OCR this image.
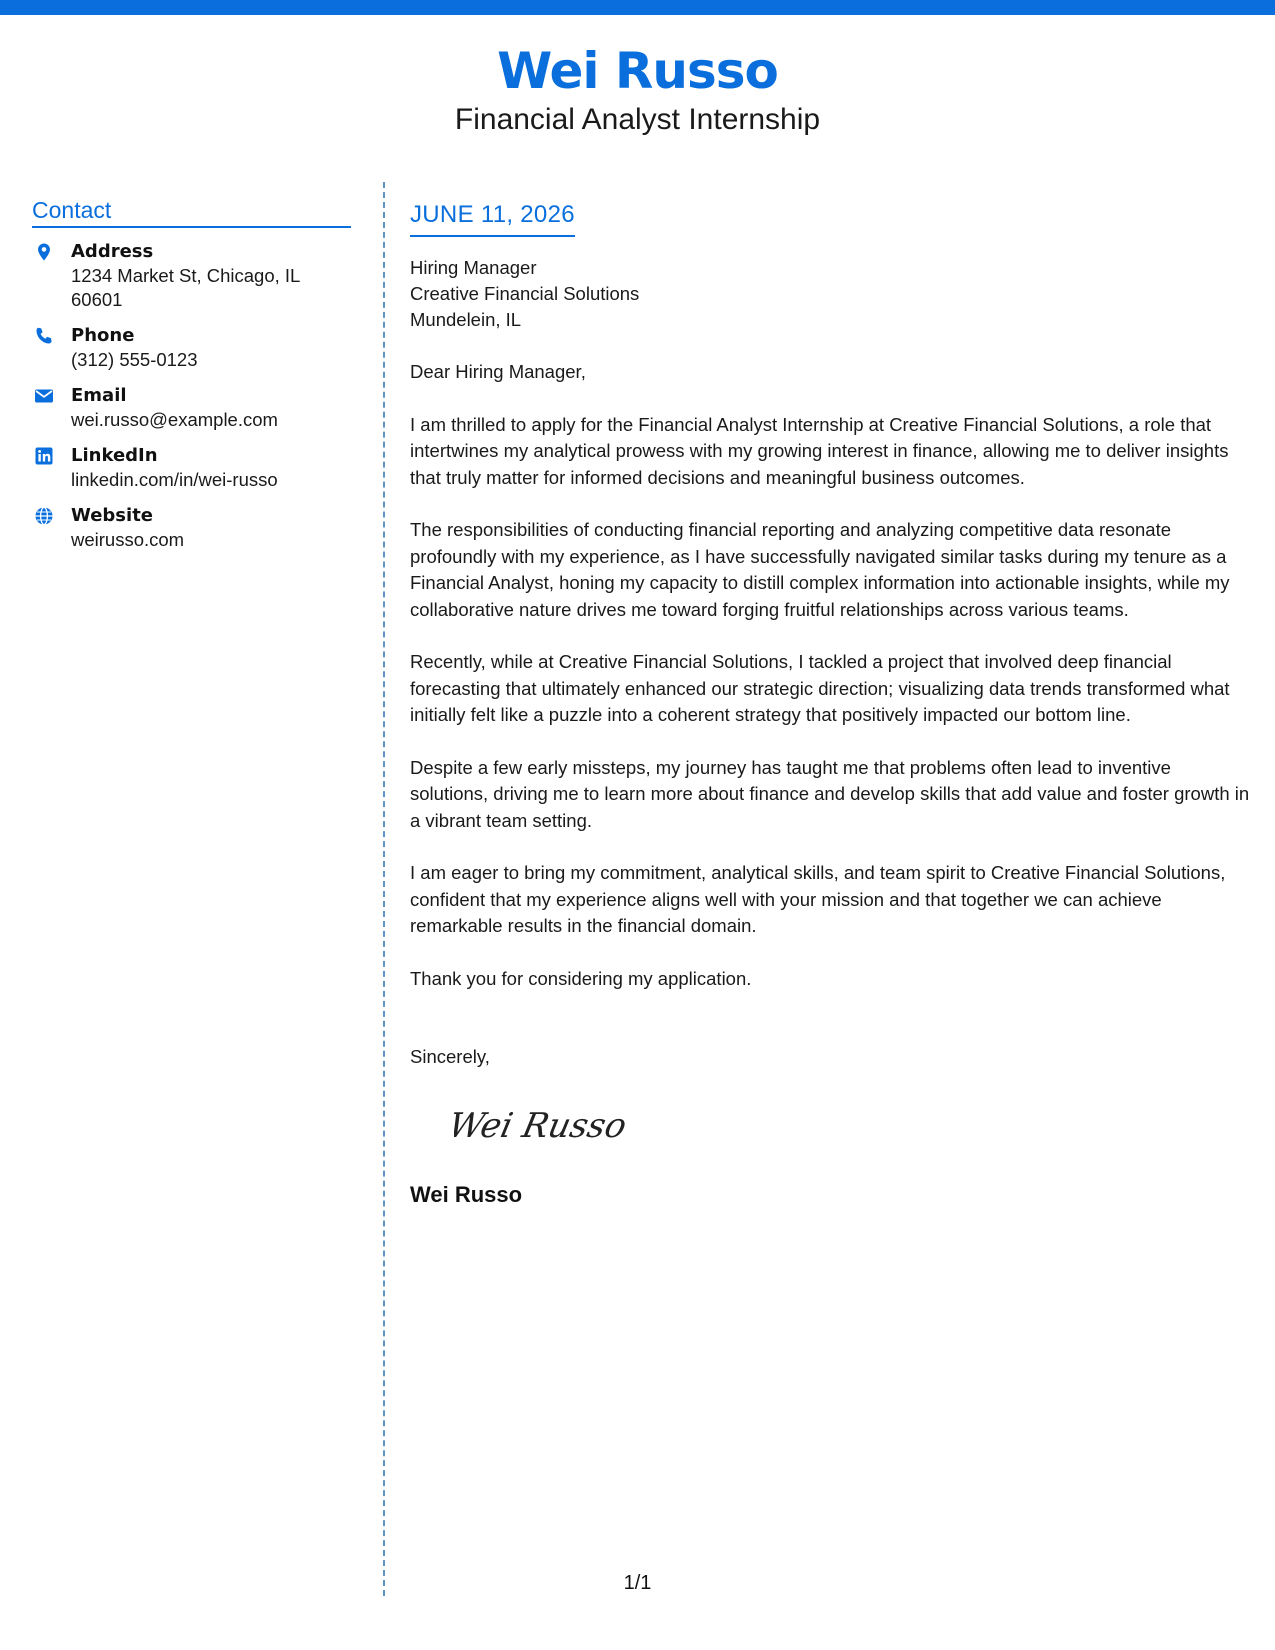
Wei Russo
Financial Analyst Internship
Contact
Address
1234 Market St, Chicago, IL 60601
Phone
(312) 555-0123
Email
wei.russo@example.com
LinkedIn
linkedin.com/in/wei-russo
Website
weirusso.com
JUNE 11, 2026
Hiring Manager
Creative Financial Solutions
Mundelein, IL
Dear Hiring Manager,
I am thrilled to apply for the Financial Analyst Internship at Creative Financial Solutions, a role that intertwines my analytical prowess with my growing interest in finance, allowing me to deliver insights that truly matter for informed decisions and meaningful business outcomes.
The responsibilities of conducting financial reporting and analyzing competitive data resonate profoundly with my experience, as I have successfully navigated similar tasks during my tenure as a Financial Analyst, honing my capacity to distill complex information into actionable insights, while my collaborative nature drives me toward forging fruitful relationships across various teams.
Recently, while at Creative Financial Solutions, I tackled a project that involved deep financial forecasting that ultimately enhanced our strategic direction; visualizing data trends transformed what initially felt like a puzzle into a coherent strategy that positively impacted our bottom line.
Despite a few early missteps, my journey has taught me that problems often lead to inventive solutions, driving me to learn more about finance and develop skills that add value and foster growth in a vibrant team setting.
I am eager to bring my commitment, analytical skills, and team spirit to Creative Financial Solutions, confident that my experience aligns well with your mission and that together we can achieve remarkable results in the financial domain.
Thank you for considering my application.
Sincerely,
Wei Russo
Wei Russo
1/1
